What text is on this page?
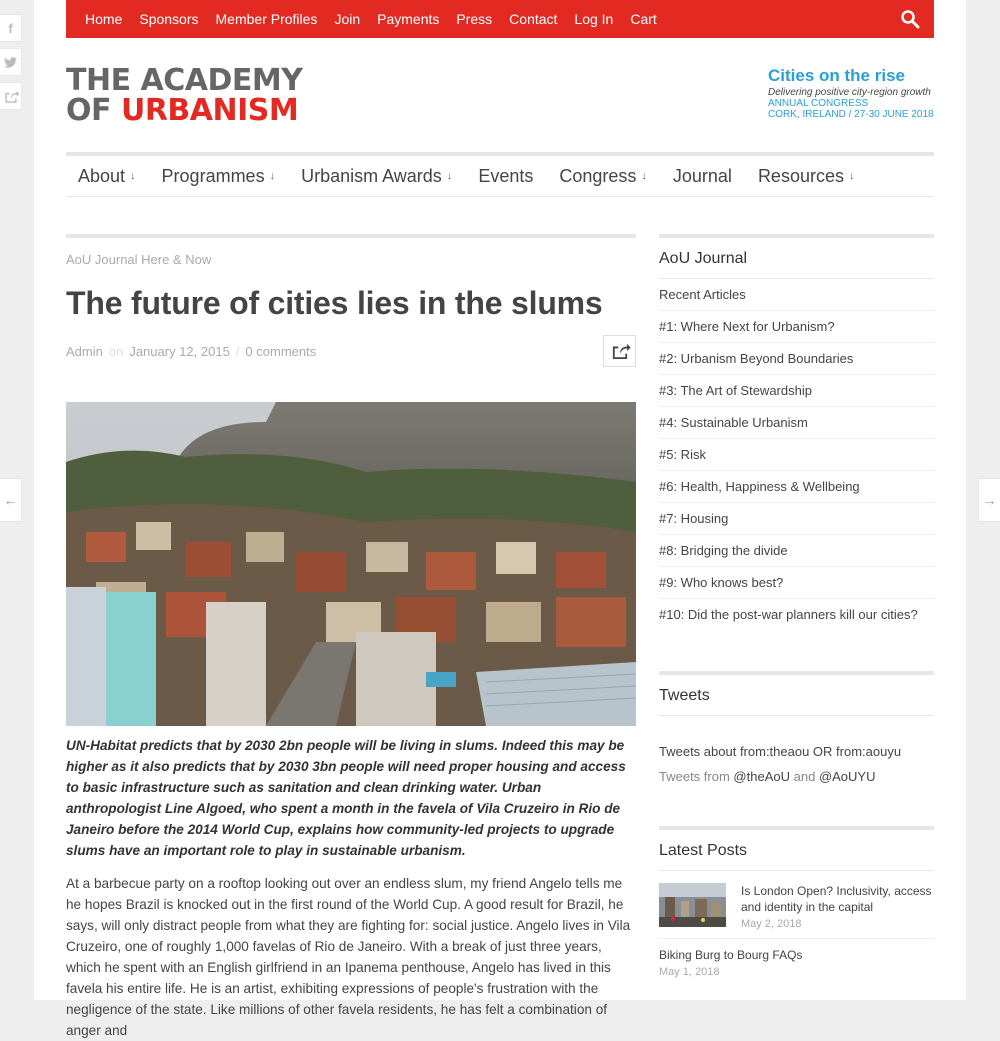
f
←	→
Home Sponsors Member Profiles Join Payments Press Contact Log In Cart
THE ACADEMY
OF URBANISM
Cities on the rise
Delivering positive city-region growth
ANNUAL CONGRESS
CORK, IRELAND / 27-30 JUNE 2018
About ↓ Programmes ↓ Urbanism Awards ↓ Events Congress ↓ Journal Resources ↓
AoU Journal Here & Now
The future of cities lies in the slums
Admin on January 12, 2015 / 0 comments

UN-Habitat predicts that by 2030 2bn people will be living in slums. Indeed this may be higher as it also predicts that by 2030 3bn people will need proper housing and access to basic infrastructure such as sanitation and clean drinking water. Urban anthropologist Line Algoed, who spent a month in the favela of Vila Cruzeiro in Rio de Janeiro before the 2014 World Cup, explains how community-led projects to upgrade slums have an important role to play in sustainable urbanism.

At a barbecue party on a rooftop looking out over an endless slum, my friend Angelo tells me he hopes Brazil is knocked out in the first round of the World Cup. A good result for Brazil, he says, will only distract people from what they are fighting for: social justice. Angelo lives in Vila Cruzeiro, one of roughly 1,000 favelas of Rio de Janeiro. With a break of just three years, which he spent with an English girlfriend in an Ipanema penthouse, Angelo has lived in this favela his entire life. He is an artist, exhibiting expressions of people's frustration with the negligence of the state. Like millions of other favela residents, he has felt a combination of anger and

AoU Journal
Recent Articles
#1: Where Next for Urbanism?
#2: Urbanism Beyond Boundaries
#3: The Art of Stewardship
#4: Sustainable Urbanism
#5: Risk
#6: Health, Happiness & Wellbeing
#7: Housing
#8: Bridging the divide
#9: Who knows best?
#10: Did the post-war planners kill our cities?
Tweets
Tweets about from:theaou OR from:aouyu
Tweets from @theAoU and @AoUYU
Latest Posts
Is London Open? Inclusivity, access and identity in the capital
May 2, 2018
Biking Burg to Bourg FAQs
May 1, 2018
